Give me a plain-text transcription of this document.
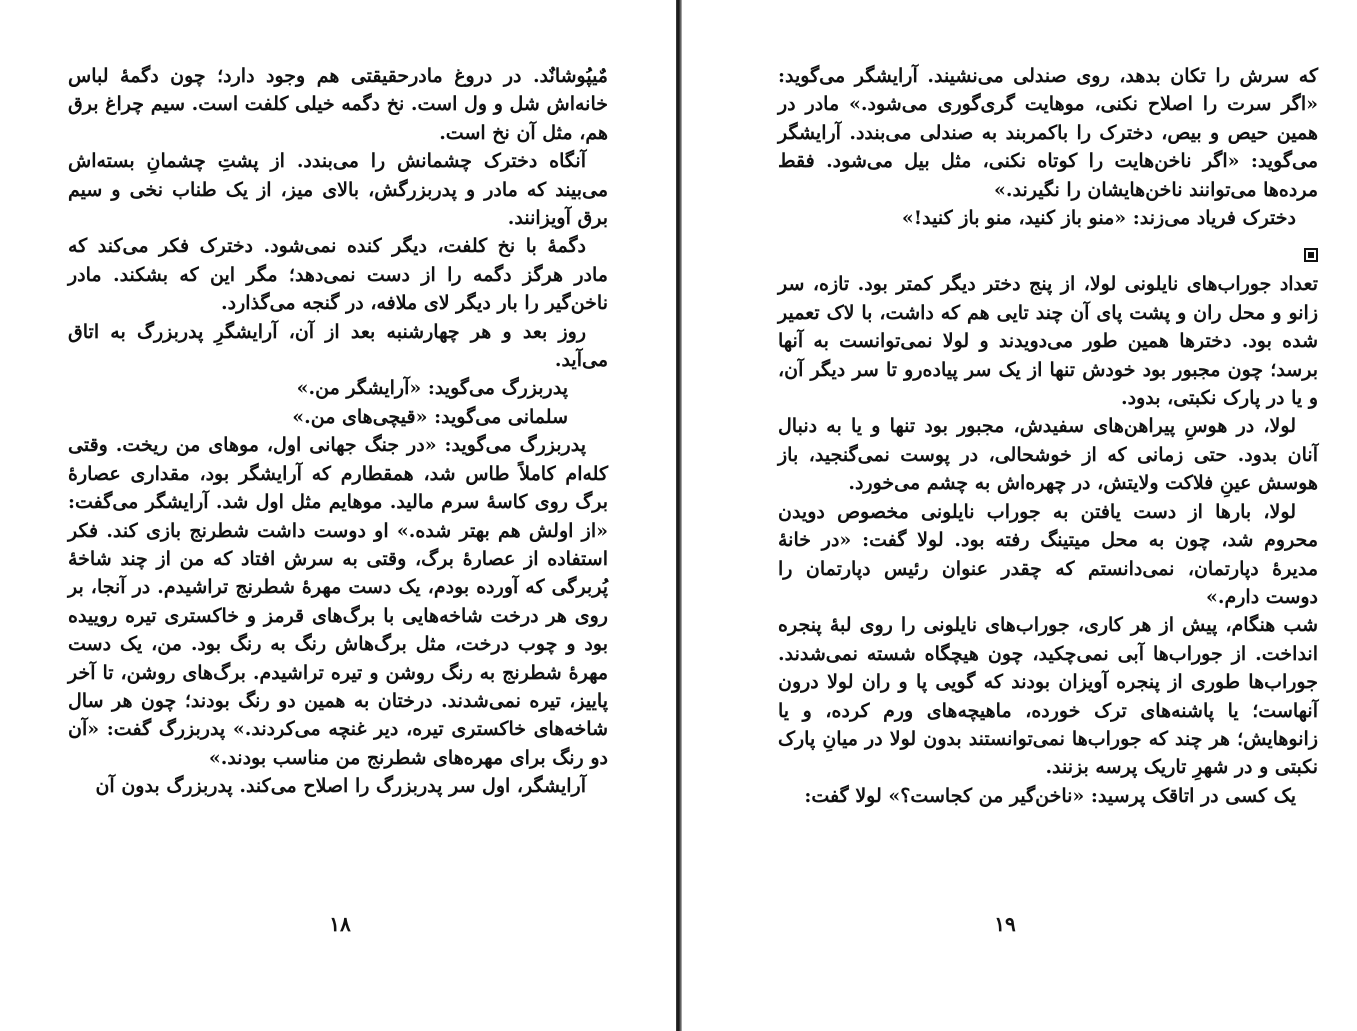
مٌیپُوشانٌد. در دروغ مادرحقیقتی هم وجود دارد؛ چون دگمهٔ لباس خانه‌اش شل و ول است. نخ دگمه خیلی کلفت است. سیم چراغ برق هم، مثل آن نخ است.

آنگاه دخترک چشمانش را می‌بندد. از پشتِ چشمانِ بسته‌اش می‌بیند که مادر و پدربزرگش، بالای میز، از یک طناب نخی و سیم برق آویزانند.

دگمهٔ با نخ کلفت، دیگر کنده نمی‌شود. دخترک فکر می‌کند که مادر هرگز دگمه را از دست نمی‌دهد؛ مگر این که بشکند. مادر ناخن‌گیر را بار دیگر لای ملافه، در گنجه می‌گذارد.

روز بعد و هر چهارشنبه بعد از آن، آرایشگرِ پدربزرگ به اتاق می‌آید.

پدربزرگ می‌گوید: «آرایشگر من.»

سلمانی می‌گوید: «قیچی‌های من.»

پدربزرگ می‌گوید: «در جنگ جهانی اول، موهای من ریخت. وقتی کله‌ام کاملاً طاس شد، همقطارم که آرایشگر بود، مقداری عصارهٔ برگ روی کاسهٔ سرم مالید. موهایم مثل اول شد. آرایشگر می‌گفت: «از اولش هم بهتر شده.» او دوست داشت شطرنج بازی کند. فکر استفاده از عصارهٔ برگ، وقتی به سرش افتاد که من از چند شاخهٔ پُربرگی که آورده بودم، یک دست مهرهٔ شطرنج تراشیدم. در آنجا، بر روی هر درخت شاخه‌هایی با برگ‌های قرمز و خاکستری تیره روییده بود و چوب درخت، مثل برگ‌هاش رنگ به رنگ بود. من، یک دست مهرهٔ شطرنج به رنگ روشن و تیره تراشیدم. برگ‌های روشن، تا آخر پاییز، تیره نمی‌شدند. درختان به همین دو رنگ بودند؛ چون هر سال شاخه‌های خاکستری تیره، دیر غنچه می‌کردند.» پدربزرگ گفت: «آن دو رنگ برای مهره‌های شطرنج من مناسب بودند.»

آرایشگر، اول سر پدربزرگ را اصلاح می‌کند. پدربزرگ بدون آن

۱۸

که سرش را تکان بدهد، روی صندلی می‌نشیند. آرایشگر می‌گوید: «اگر سرت را اصلاح نکنی، موهایت گری‌گوری می‌شود.» مادر در همین حیص و بیص، دخترک را باکمربند به صندلی می‌بندد. آرایشگر می‌گوید: «اگر ناخن‌هایت را کوتاه نکنی، مثل بیل می‌شود. فقط مرده‌ها می‌توانند ناخن‌هایشان را نگیرند.»

دخترک فریاد می‌زند: «منو باز کنید، منو باز کنید!»

تعداد جوراب‌های نایلونی لولا، از پنج دختر دیگر کمتر بود. تازه، سر زانو و محل ران و پشت پای آن چند تایی هم که داشت، با لاک تعمیر شده بود. دخترها همین طور می‌دویدند و لولا نمی‌توانست به آنها برسد؛ چون مجبور بود خودش تنها از یک سر پیاده‌رو تا سر دیگر آن، و یا در پارک نکبتی، بدود.

لولا، در هوسِ پیراهن‌های سفیدش، مجبور بود تنها و یا به دنبال آنان بدود. حتی زمانی که از خوشحالی، در پوست نمی‌گنجید، باز هوسش عینِ فلاکت ولایتش، در چهره‌اش به چشم می‌خورد.

لولا، بارها از دست یافتن به جوراب نایلونی مخصوص دویدن محروم شد، چون به محل میتینگ رفته بود. لولا گفت: «در خانهٔ مدیرهٔ دپارتمان، نمی‌دانستم که چقدر عنوان رئیس دپارتمان را دوست دارم.»

شب هنگام، پیش از هر کاری، جوراب‌های نایلونی را روی لبهٔ پنجره انداخت. از جوراب‌ها آبی نمی‌چکید، چون هیچگاه شسته نمی‌شدند. جوراب‌ها طوری از پنجره آویزان بودند که گویی پا و ران لولا درون آنهاست؛ یا پاشنه‌های ترک خورده، ماهیچه‌های ورم کرده، و یا زانوهایش؛ هر چند که جوراب‌ها نمی‌توانستند بدون لولا در میانِ پارک نکبتی و در شهرِ تاریک پرسه بزنند.

یک کسی در اتاقک پرسید: «ناخن‌گیر من کجاست؟» لولا گفت:

۱۹
